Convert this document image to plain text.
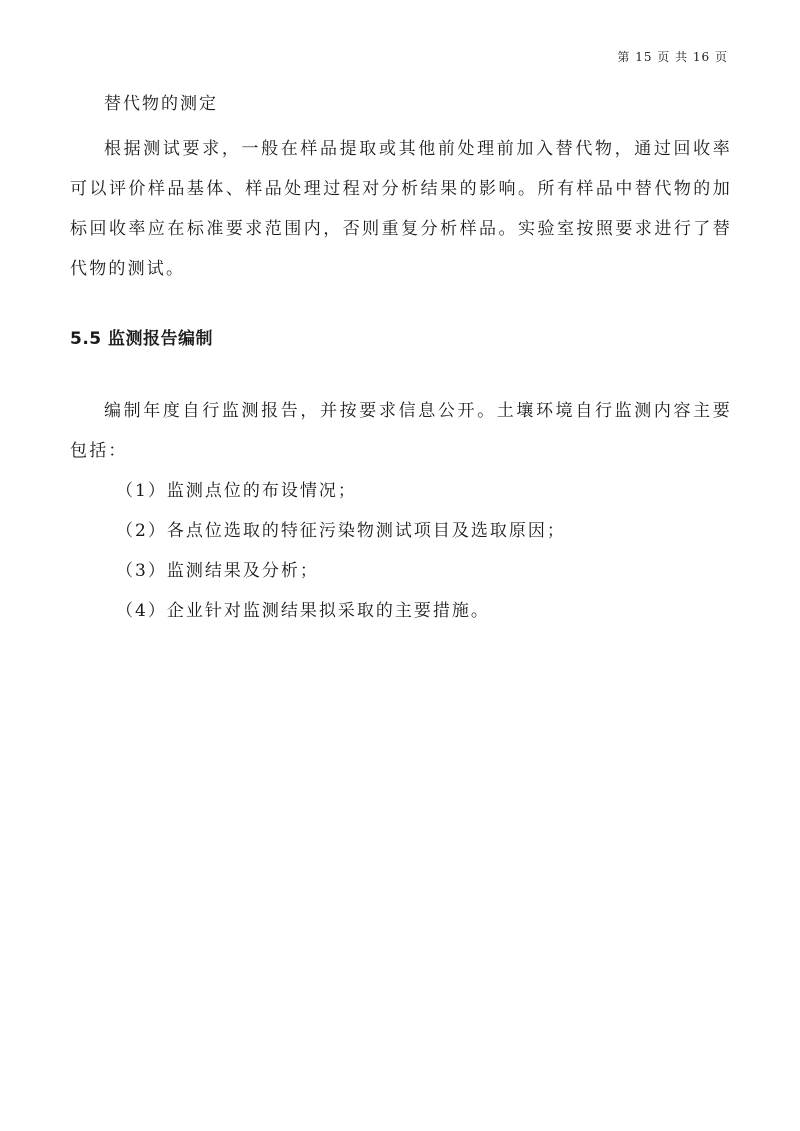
第 15 页 共 16 页
替代物的测定

根据测试要求，一般在样品提取或其他前处理前加入替代物，通过回收率可以评价样品基体、样品处理过程对分析结果的影响。所有样品中替代物的加标回收率应在标准要求范围内，否则重复分析样品。实验室按照要求进行了替代物的测试。

5.5 监测报告编制

编制年度自行监测报告，并按要求信息公开。土壤环境自行监测内容主要包括：

（1）监测点位的布设情况；
（2）各点位选取的特征污染物测试项目及选取原因；
（3）监测结果及分析；
（4）企业针对监测结果拟采取的主要措施。
